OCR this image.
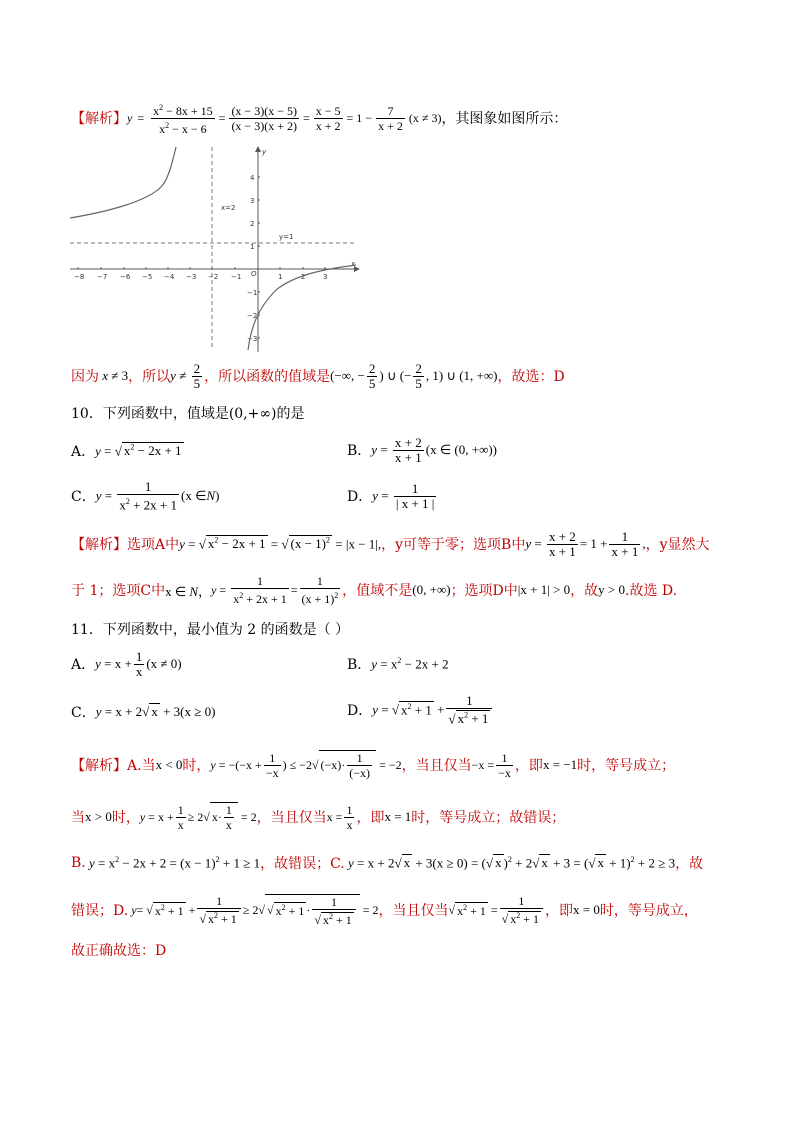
【解析】 $y = \frac{x^2 - 8x + 15}{x^2 - x - 6} = \frac{(x - 3)(x - 5)}{(x - 3)(x + 2)} = \frac{x - 5}{x + 2} = 1 - \frac{7}{x + 2} (x \ne 3)$ ，其图象如图所示：
−8 −7 −6 −5 −4 −3 −2 −1 O	1	2	3
4
3
2
1
−1
−2
−3
x=2
y=1
x
y
因为 x ≠ 3 ，所以 $y \ne \frac{2}{5}$ ，所以函数的值域是 (−∞, − $\frac{2}{5}$ ) ∪ (− $\frac{2}{5}$ , 1) ∪ (1, +∞) ，故选：D
10．下列函数中，值域是(0,+∞)的是
A． y = √ $x^2 - 2x + 1$	B． $y = \frac{x + 2}{x + 1} (x$ ∈ (0, +∞))
C． $y = \frac{1}{x^2 + 2x + 1} (x$ ∈ N )	D． $y = \frac{1}{| x + 1 |}$
【解析】 选项A中 y = √ $x^2 - 2x + 1$ = √ $(x - 1)^2 = |x - 1|$, ，y可等于零；选项B中 $y = \frac{x + 2}{x + 1} = 1 + \frac{1}{x + 1}$ , ，y显然大
于 1；选项C中 x ∈ N， $y = \frac{1}{x^2 + 2x + 1} = \frac{1}{(x + 1)^2}$ ，值域不是 (0, +∞) ；选项D中 |x + 1| > 0 ，故 y > 0 .故选 D.
11．下列函数中，最小值为 2 的函数是（ ）
A． $y = x + \frac{1}{x} (x \ne 0)$	B． $y = x^2 - 2x + 2$
C． y = x + 2√ x + 3(x ≥ 0)	D． y = √ $x^2 + 1 + \frac{1}{√ x^2 + 1}$
【解析】 A.当 x < 0 时， $y = -(-x + \frac{1}{-x}$ ) ≤ −2√ $(-x)\cdot \frac{1}{(-x)} = -2$ ，当且仅当 $-x = \frac{1}{-x}$ ，即 x = −1 时，等号成立；
当 x > 0 时， $y = x + \frac{1}{x} \ge 2√$ $x\cdot \frac{1}{x} = 2$ ，当且仅当 $x = \frac{1}{x}$ ，即 x = 1 时，等号成立；故错误；
B. $y = x^2 - 2x + 2 = (x - 1)^2 + 1 \ge 1$ ，故错误；C. y = x + 2√ x + 3(x ≥ 0) = (√ x )$^2$ + 2√ x + 3 = (√ x + 1)$^2$ + 2 ≥ 3 ，故
错误；D.
y = √ $x^2 + 1 + \frac{1}{√ x^2 + 1} \ge 2√$ √ $x^2 + 1 \cdot \frac{1}{√ x^2 + 1} = 2$ ，当且仅当 √ $x^2 + 1 = \frac{1}{√ x^2 + 1}$ ，即 x = 0 时，等号成立，
故正确故选：D
